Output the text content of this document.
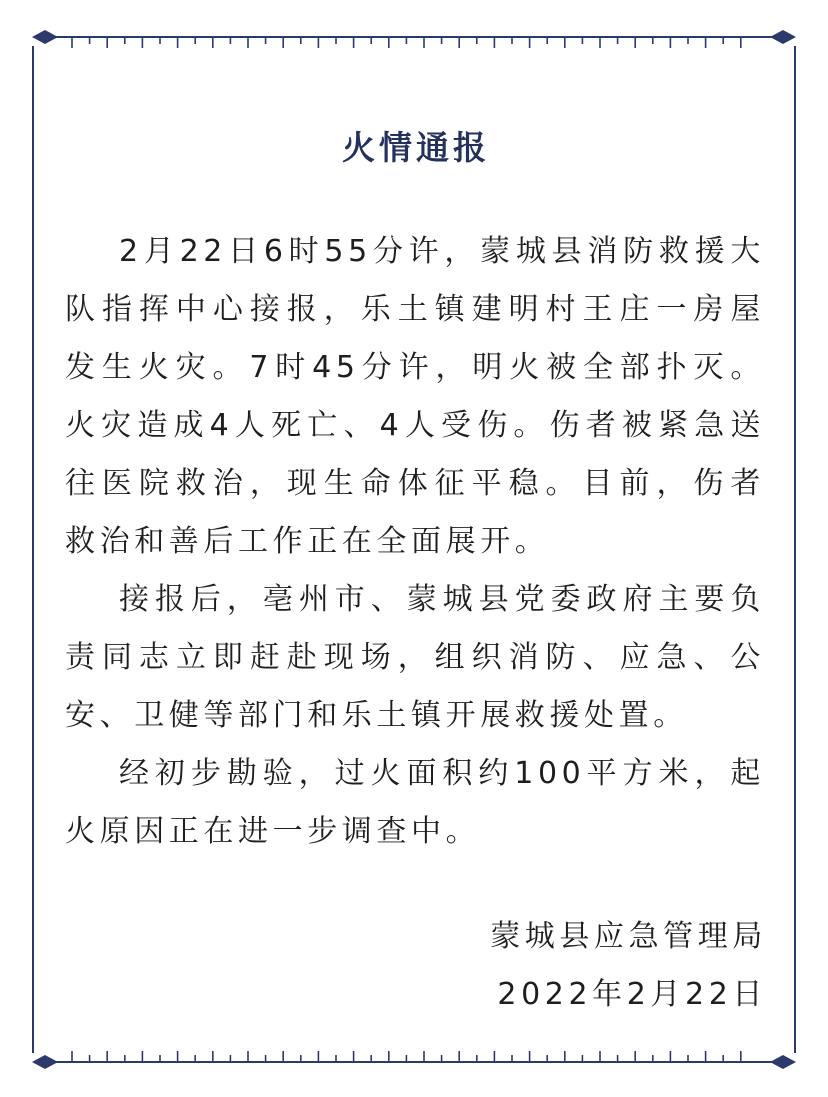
火情通报
2月22日6时55分许，蒙城县消防救援大
队指挥中心接报，乐土镇建明村王庄一房屋
发生火灾。7时45分许，明火被全部扑灭。
火灾造成4人死亡、4人受伤。伤者被紧急送
往医院救治，现生命体征平稳。目前，伤者
救治和善后工作正在全面展开。
接报后，亳州市、蒙城县党委政府主要负
责同志立即赶赴现场，组织消防、应急、公
安、卫健等部门和乐土镇开展救援处置。
经初步勘验，过火面积约100平方米，起
火原因正在进一步调查中。
蒙城县应急管理局
2022年2月22日
